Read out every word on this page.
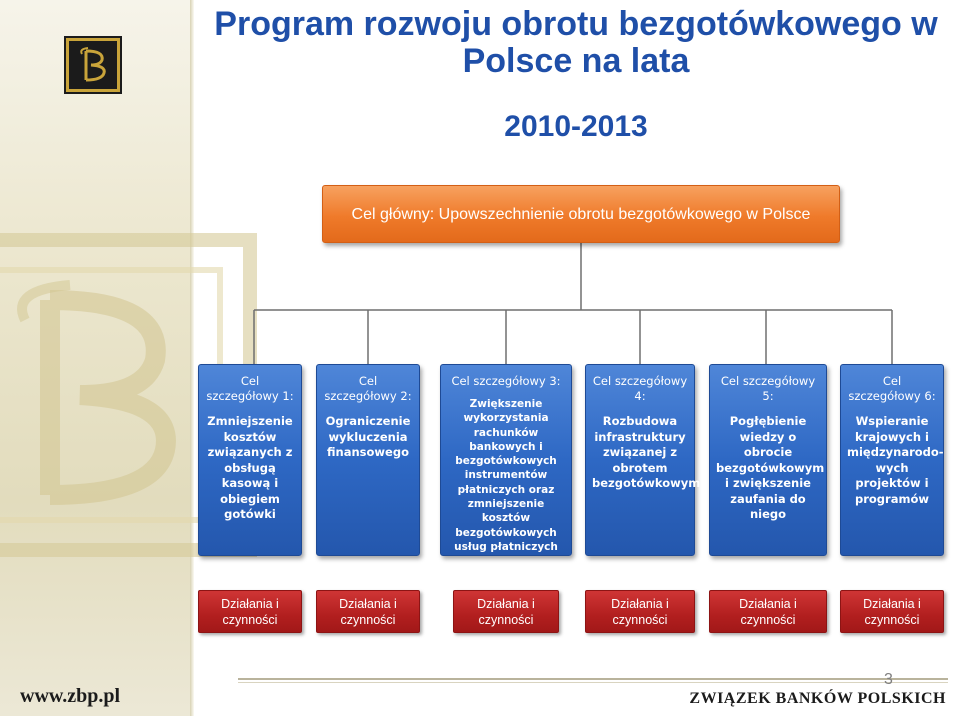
Program rozwoju obrotu bezgotówkowego w Polsce na lata
2010-2013
Cel główny: Upowszechnienie obrotu bezgotówkowego w Polsce
Cel szczegółowy 1:
Zmniejszenie kosztów związanych z obsługą kasową i obiegiem gotówki
Cel szczegółowy 2:
Ograniczenie wykluczenia finansowego
Cel szczegółowy 3:
Zwiększenie wykorzystania rachunków bankowych i bezgotówkowych instrumentów płatniczych oraz zmniejszenie kosztów bezgotówkowych usług płatniczych
Cel szczegółowy 4:
Rozbudowa infrastruktury związanej z obrotem bezgotówkowym
Cel szczegółowy 5:
Pogłębienie wiedzy o obrocie bezgotówkowym i zwiększenie zaufania do niego
Cel szczegółowy 6:
Wspieranie krajowych i międzynarodo-wych projektów i programów
Działania i czynności
Działania i czynności
Działania i czynności
Działania i czynności
Działania i czynności
Działania i czynności
www.zbp.pl	ZWIĄZEK BANKÓW POLSKICH
3
